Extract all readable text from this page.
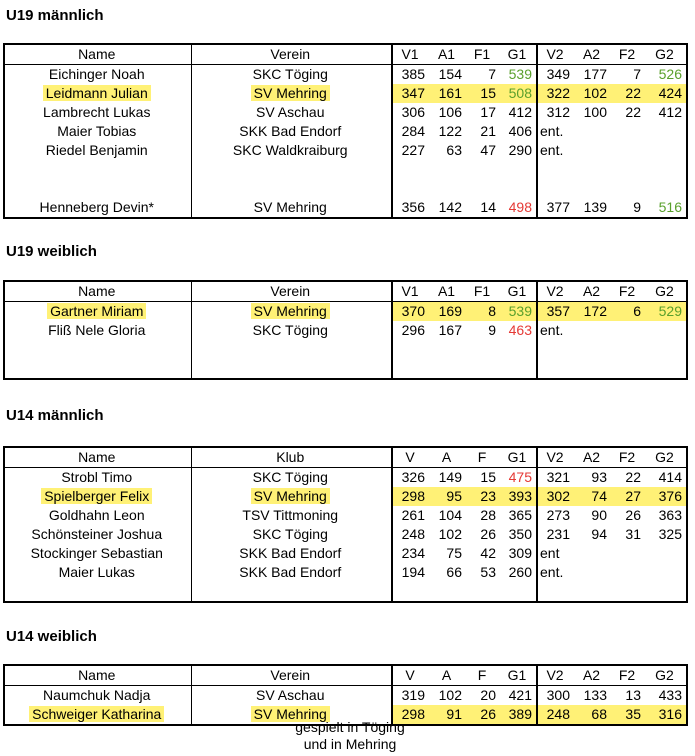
U19 männlich
Name	Verein	V1	A1	F1	G1	V2	A2	F2	G2
Eichinger Noah	SKC Töging	385	154	7	539	349	177	7	526
Leidmann Julian	SV Mehring	347	161	15	508	322	102	22	424
Lambrecht Lukas	SV Aschau	306	106	17	412	312	100	22	412
Maier Tobias	SKK Bad Endorf	284	122	21	406	ent.			
Riedel Benjamin	SKC Waldkraiburg	227	63	47	290	ent.			

Henneberg Devin*	SV Mehring	356	142	14	498	377	139	9	516
U19 weiblich
Name	Verein	V1	A1	F1	G1	V2	A2	F2	G2
Gartner Miriam	SV Mehring	370	169	8	539	357	172	6	529
Fliß Nele Gloria	SKC Töging	296	167	9	463	ent.			

U14 männlich
Name	Klub	V	A	F	G1	V2	A2	F2	G2
Strobl Timo	SKC Töging	326	149	15	475	321	93	22	414
Spielberger Felix	SV Mehring	298	95	23	393	302	74	27	376
Goldhahn Leon	TSV Tittmoning	261	104	28	365	273	90	26	363
Schönsteiner Joshua	SKC Töging	248	102	26	350	231	94	31	325
Stockinger Sebastian	SKK Bad Endorf	234	75	42	309	ent			
Maier Lukas	SKK Bad Endorf	194	66	53	260	ent.			

U14 weiblich
Name	Verein	V	A	F	G1	V2	A2	F2	G2
Naumchuk Nadja	SV Aschau	319	102	20	421	300	133	13	433
Schweiger Katharina	SV Mehring	298	91	26	389	248	68	35	316
gespielt in Töging
und in Mehring
